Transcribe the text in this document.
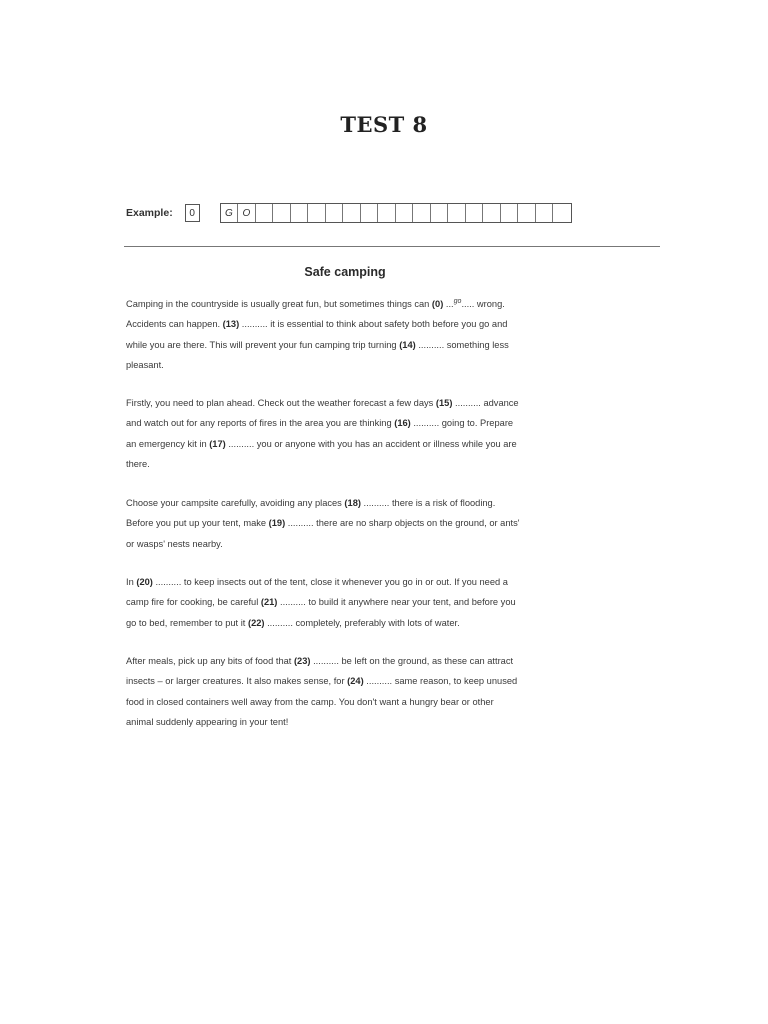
TEST 8
Example:	0	G O
Safe camping
Camping in the countryside is usually great fun, but sometimes things can (0) ...$^{go}$..... wrong.
Accidents can happen. (13) .......... it is essential to think about safety both before you go and
while you are there. This will prevent your fun camping trip turning (14) .......... something less
pleasant.
Firstly, you need to plan ahead. Check out the weather forecast a few days (15) .......... advance
and watch out for any reports of fires in the area you are thinking (16) .......... going to. Prepare
an emergency kit in (17) .......... you or anyone with you has an accident or illness while you are
there.
Choose your campsite carefully, avoiding any places (18) .......... there is a risk of flooding.
Before you put up your tent, make (19) .......... there are no sharp objects on the ground, or ants'
or wasps' nests nearby.
In (20) .......... to keep insects out of the tent, close it whenever you go in or out. If you need a
camp fire for cooking, be careful (21) .......... to build it anywhere near your tent, and before you
go to bed, remember to put it (22) .......... completely, preferably with lots of water.
After meals, pick up any bits of food that (23) .......... be left on the ground, as these can attract
insects – or larger creatures. It also makes sense, for (24) .......... same reason, to keep unused
food in closed containers well away from the camp. You don't want a hungry bear or other
animal suddenly appearing in your tent!
